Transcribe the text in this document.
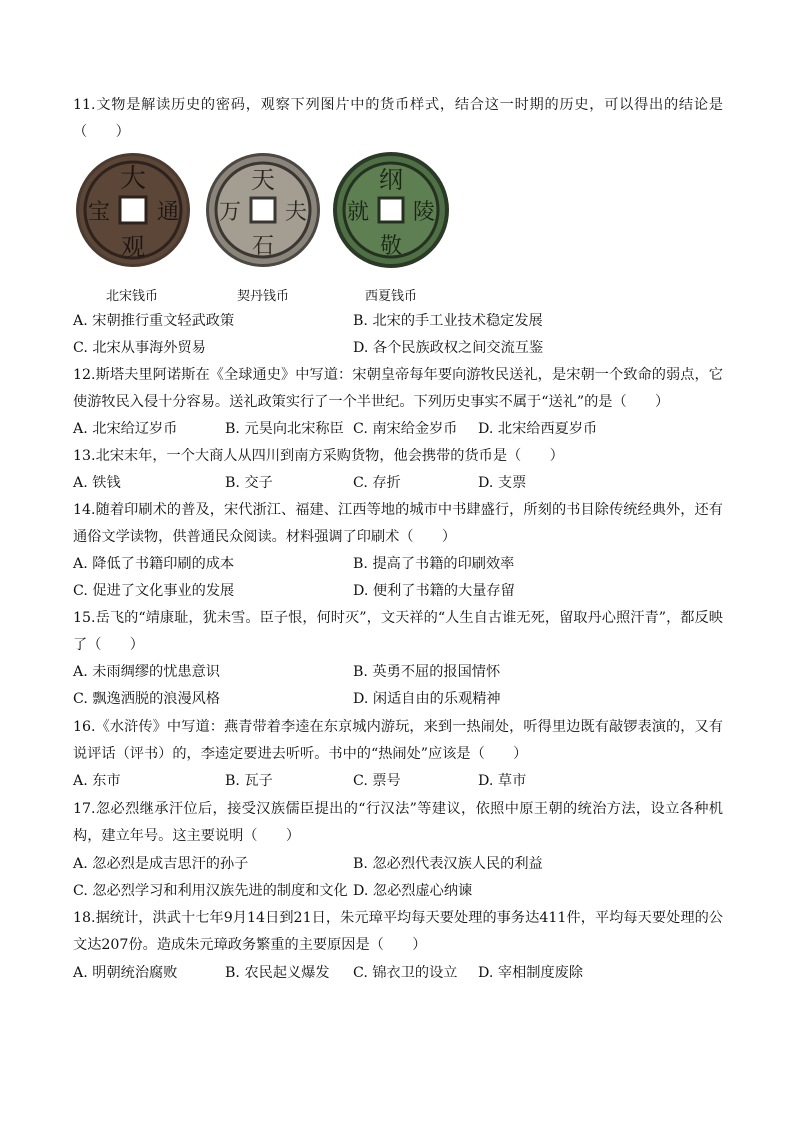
11.文物是解读历史的密码，观察下列图片中的货币样式，结合这一时期的历史，可以得出的结论是（　　）
大
通
观
宝
天
夫
石
万
纲
陵
敬
就
北宋钱币	契丹钱币	西夏钱币
A. 宋朝推行重文轻武政策	B. 北宋的手工业技术稳定发展
C. 北宋从事海外贸易	D. 各个民族政权之间交流互鉴
12.斯塔夫里阿诺斯在《全球通史》中写道：宋朝皇帝每年要向游牧民送礼，是宋朝一个致命的弱点，它使游牧民入侵十分容易。送礼政策实行了一个半世纪。下列历史事实不属于“送礼”的是（　　）
A. 北宋给辽岁币	B. 元昊向北宋称臣 C. 南宋给金岁币 D. 北宋给西夏岁币
13.北宋末年，一个大商人从四川到南方采购货物，他会携带的货币是（　　）
A. 铁钱	B. 交子	C. 存折	D. 支票
14.随着印刷术的普及，宋代浙江、福建、江西等地的城市中书肆盛行，所刻的书目除传统经典外，还有通俗文学读物，供普通民众阅读。材料强调了印刷术（　　）
A. 降低了书籍印刷的成本	B. 提高了书籍的印刷效率
C. 促进了文化事业的发展	D. 便利了书籍的大量存留
15.岳飞的“靖康耻，犹未雪。臣子恨，何时灭”，文天祥的“人生自古谁无死，留取丹心照汗青”，都反映了（　　）
A. 未雨绸缪的忧患意识	B. 英勇不屈的报国情怀
C. 飘逸洒脱的浪漫风格	D. 闲适自由的乐观精神
16.《水浒传》中写道：燕青带着李逵在东京城内游玩，来到一热闹处，听得里边既有敲锣表演的，又有说评话（评书）的，李逵定要进去听听。书中的“热闹处”应该是（　　）
A. 东市	B. 瓦子	C. 票号	D. 草市
17.忽必烈继承汗位后，接受汉族儒臣提出的“行汉法”等建议，依照中原王朝的统治方法，设立各种机构，建立年号。这主要说明（　　）
A. 忽必烈是成吉思汗的孙子	B. 忽必烈代表汉族人民的利益
C. 忽必烈学习和利用汉族先进的制度和文化 D. 忽必烈虚心纳谏
18.据统计，洪武十七年9月14日到21日，朱元璋平均每天要处理的事务达411件，平均每天要处理的公文达207份。造成朱元璋政务繁重的主要原因是（　　）
A. 明朝统治腐败	B. 农民起义爆发 C. 锦衣卫的设立 D. 宰相制度废除
